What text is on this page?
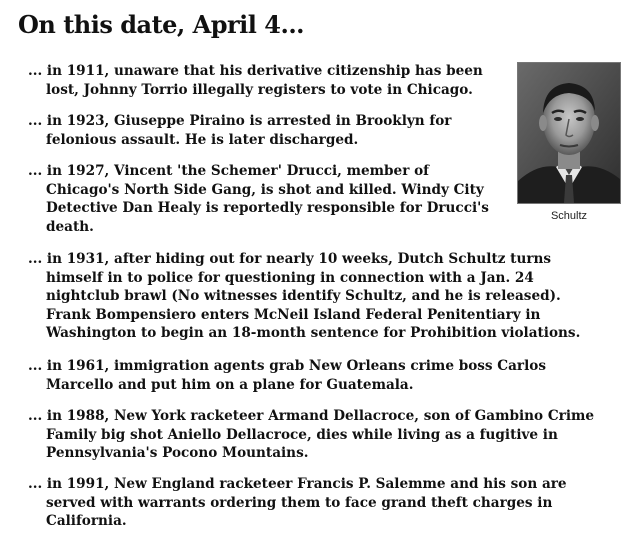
On this date, April 4...
... in 1911, unaware that his derivative citizenship has been lost, Johnny Torrio illegally registers to vote in Chicago.
... in 1923, Giuseppe Piraino is arrested in Brooklyn for felonious assault. He is later discharged.
... in 1927, Vincent 'the Schemer' Drucci, member of Chicago's North Side Gang, is shot and killed. Windy City Detective Dan Healy is reportedly responsible for Drucci's death.
... in 1931, after hiding out for nearly 10 weeks, Dutch Schultz turns himself in to police for questioning in connection with a Jan. 24 nightclub brawl (No witnesses identify Schultz, and he is released). Frank Bompensiero enters McNeil Island Federal Penitentiary in Washington to begin an 18-month sentence for Prohibition violations.
... in 1961, immigration agents grab New Orleans crime boss Carlos Marcello and put him on a plane for Guatemala.
... in 1988, New York racketeer Armand Dellacroce, son of Gambino Crime Family big shot Aniello Dellacroce, dies while living as a fugitive in Pennsylvania's Pocono Mountains.
... in 1991, New England racketeer Francis P. Salemme and his son are served with warrants ordering them to face grand theft charges in California.
Schultz
